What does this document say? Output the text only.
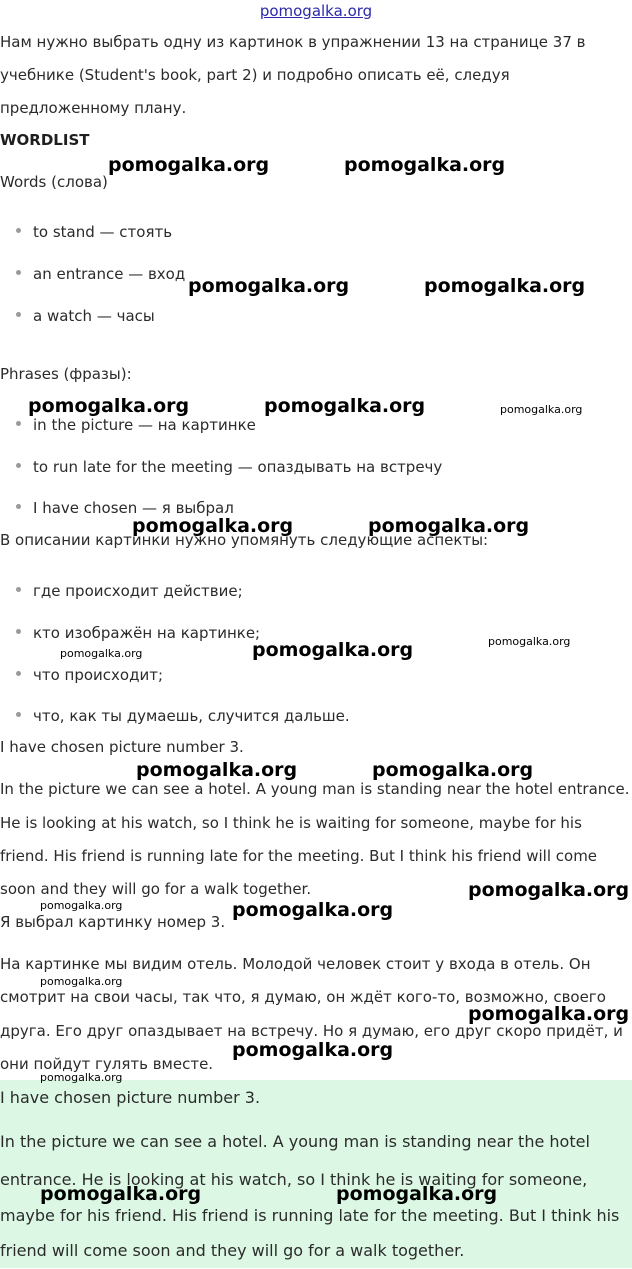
pomogalka.org

Нам нужно выбрать одну из картинок в упражнении 13 на странице 37 в

учебнике (Student's book, part 2) и подробно описать её, следуя

предложенному плану.

WORDLIST

Words (слова)

to stand — стоять
an entrance — вход
a watch — часы

Phrases (фразы):

in the picture — на картинке
to run late for the meeting — опаздывать на встречу
I have chosen — я выбрал

В описании картинки нужно упомянуть следующие аспекты:

где происходит действие;
кто изображён на картинке;
что происходит;
что, как ты думаешь, случится дальше.

I have chosen picture number 3.

In the picture we can see a hotel. A young man is standing near the hotel entrance.

He is looking at his watch, so I think he is waiting for someone, maybe for his

friend. His friend is running late for the meeting. But I think his friend will come

soon and they will go for a walk together.

Я выбрал картинку номер 3.

На картинке мы видим отель. Молодой человек стоит у входа в отель. Он

смотрит на свои часы, так что, я думаю, он ждёт кого-то, возможно, своего

друга. Его друг опаздывает на встречу. Но я думаю, его друг скоро придёт, и

они пойдут гулять вместе.

I have chosen picture number 3.

In the picture we can see a hotel. A young man is standing near the hotel

entrance. He is looking at his watch, so I think he is waiting for someone,

maybe for his friend. His friend is running late for the meeting. But I think his

friend will come soon and they will go for a walk together.

pomogalka.org	pomogalka.org
pomogalka.org	pomogalka.org
pomogalka.org	pomogalka.org	pomogalka.org
pomogalka.org	pomogalka.org
pomogalka.org
pomogalka.org
pomogalka.org
pomogalka.org	pomogalka.org
pomogalka.org
pomogalka.org	pomogalka.org
pomogalka.org
pomogalka.org
pomogalka.org
pomogalka.org
pomogalka.org	pomogalka.org
